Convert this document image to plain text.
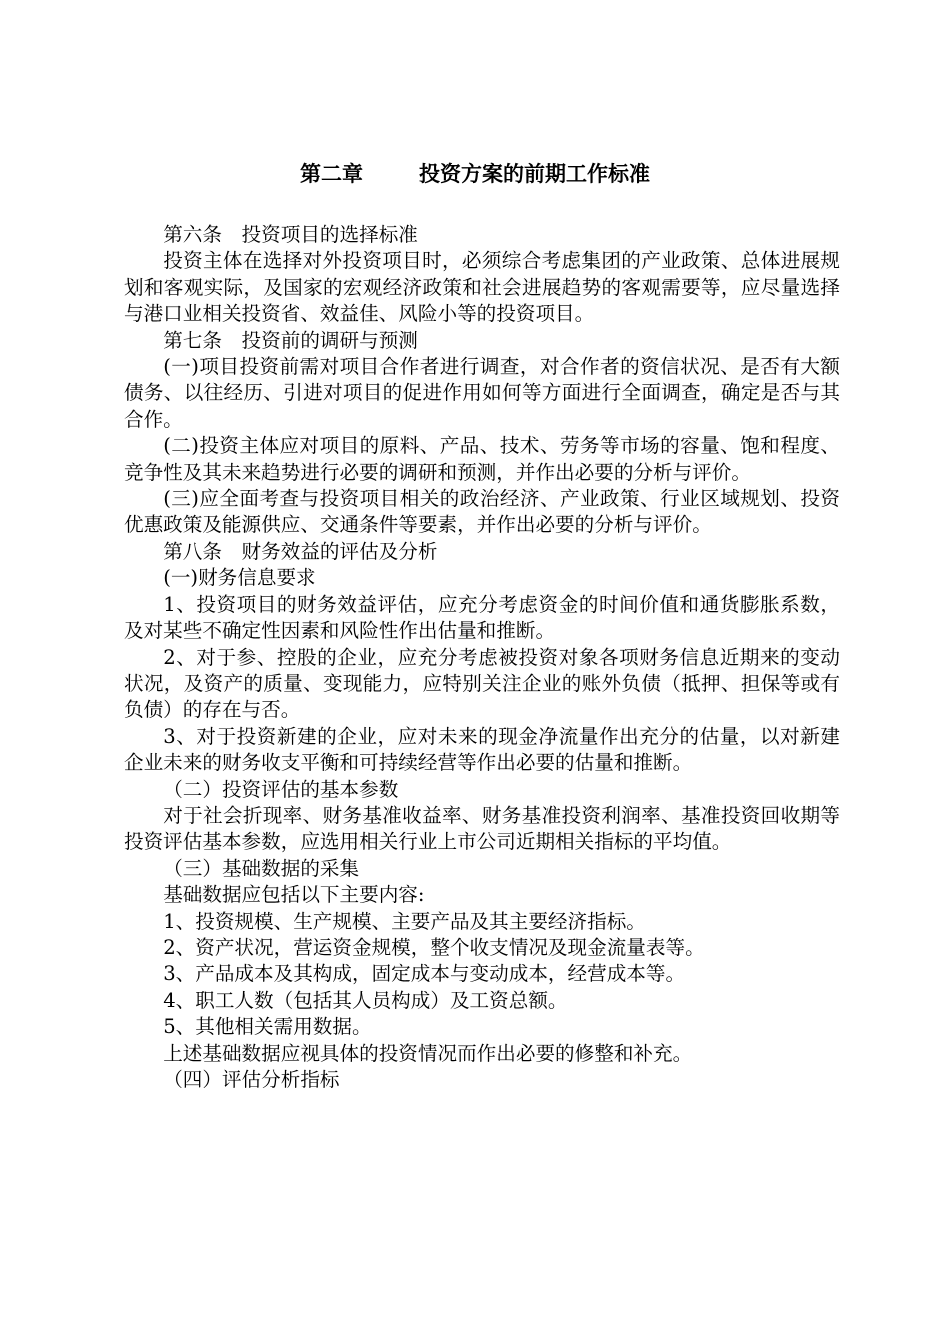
第二章	投资方案的前期工作标准

第六条　投资项目的选择标准

投资主体在选择对外投资项目时，必须综合考虑集团的产业政策、总体进展规划和客观实际，及国家的宏观经济政策和社会进展趋势的客观需要等，应尽量选择与港口业相关投资省、效益佳、风险小等的投资项目。

第七条　投资前的调研与预测

(一)项目投资前需对项目合作者进行调查，对合作者的资信状况、是否有大额债务、以往经历、引进对项目的促进作用如何等方面进行全面调查，确定是否与其合作。

(二)投资主体应对项目的原料、产品、技术、劳务等市场的容量、饱和程度、竞争性及其未来趋势进行必要的调研和预测，并作出必要的分析与评价。

(三)应全面考查与投资项目相关的政治经济、产业政策、行业区域规划、投资优惠政策及能源供应、交通条件等要素，并作出必要的分析与评价。

第八条　财务效益的评估及分析

(一)财务信息要求

1、投资项目的财务效益评估，应充分考虑资金的时间价值和通货膨胀系数，及对某些不确定性因素和风险性作出估量和推断。

2、对于参、控股的企业，应充分考虑被投资对象各项财务信息近期来的变动状况，及资产的质量、变现能力，应特别关注企业的账外负债（抵押、担保等或有负债）的存在与否。

3、对于投资新建的企业，应对未来的现金净流量作出充分的估量，以对新建企业未来的财务收支平衡和可持续经营等作出必要的估量和推断。

（二）投资评估的基本参数

对于社会折现率、财务基准收益率、财务基准投资利润率、基准投资回收期等投资评估基本参数，应选用相关行业上市公司近期相关指标的平均值。

（三）基础数据的采集

基础数据应包括以下主要内容:

1、投资规模、生产规模、主要产品及其主要经济指标。

2、资产状况，营运资金规模，整个收支情况及现金流量表等。

3、产品成本及其构成，固定成本与变动成本，经营成本等。

4、职工人数（包括其人员构成）及工资总额。

5、其他相关需用数据。

上述基础数据应视具体的投资情况而作出必要的修整和补充。

（四）评估分析指标
